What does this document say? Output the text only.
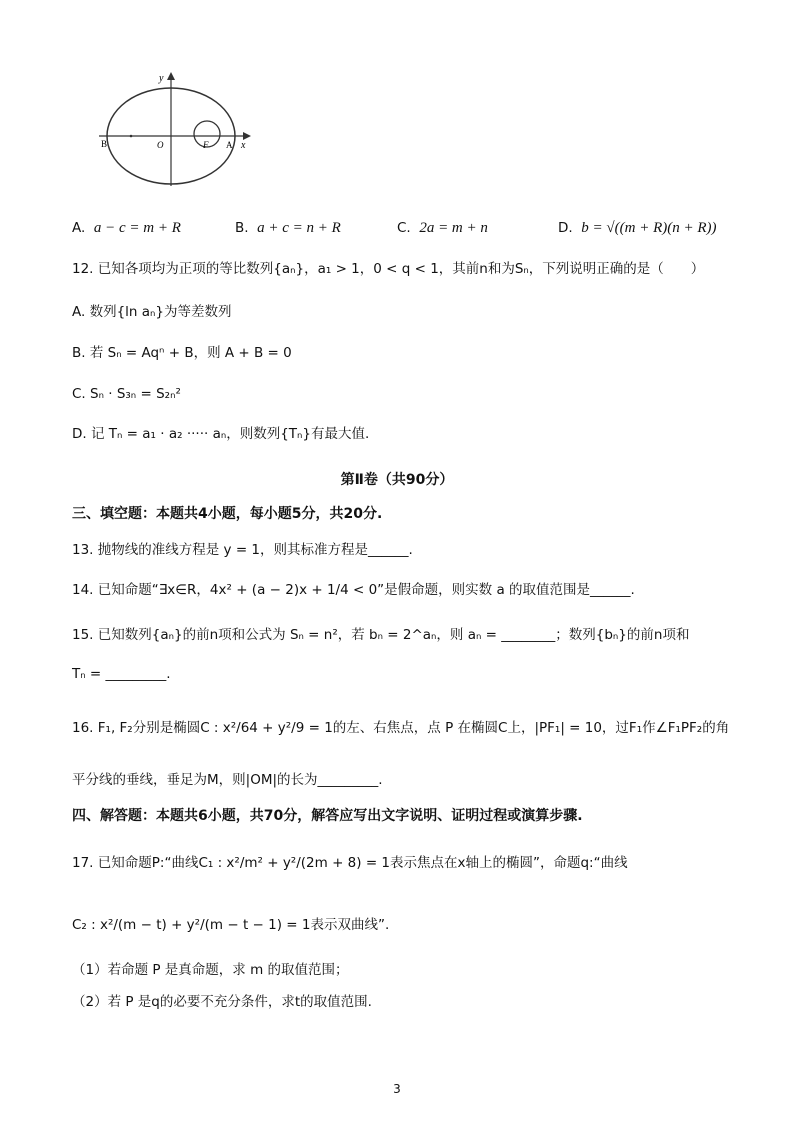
y
x
B	O	F A
A. a − c = m + R	B. a + c = n + R	C. 2a = m + n	D. b = √((m + R)(n + R))
12. 已知各项均为正项的等比数列{aₙ}，a₁ > 1，0 < q < 1，其前n和为Sₙ，下列说明正确的是（　　）
A. 数列{ln aₙ}为等差数列
B. 若 Sₙ = Aqⁿ + B，则 A + B = 0
C. Sₙ · S₃ₙ = S₂ₙ²
D. 记 Tₙ = a₁ · a₂ ····· aₙ，则数列{Tₙ}有最大值.
第Ⅱ卷（共90分）
三、填空题：本题共4小题，每小题5分，共20分.
13. 抛物线的准线方程是 y = 1，则其标准方程是______.
14. 已知命题“∃x∈R，4x² + (a − 2)x + 1/4 < 0”是假命题，则实数 a 的取值范围是______.
15. 已知数列{aₙ}的前n项和公式为 Sₙ = n²，若 bₙ = 2^aₙ，则 aₙ = ________；数列{bₙ}的前n项和
Tₙ = _________.
16. F₁, F₂分别是椭圆C : x²/64 + y²/9 = 1的左、右焦点，点 P 在椭圆C上，|PF₁| = 10，过F₁作∠F₁PF₂的角
平分线的垂线，垂足为M，则|OM|的长为_________.
四、解答题：本题共6小题，共70分，解答应写出文字说明、证明过程或演算步骤.
17. 已知命题P:“曲线C₁ : x²/m² + y²/(2m + 8) = 1表示焦点在x轴上的椭圆”，命题q:“曲线
C₂ : x²/(m − t) + y²/(m − t − 1) = 1表示双曲线”.
（1）若命题 P 是真命题，求 m 的取值范围；
（2）若 P 是q的必要不充分条件，求t的取值范围.
3
